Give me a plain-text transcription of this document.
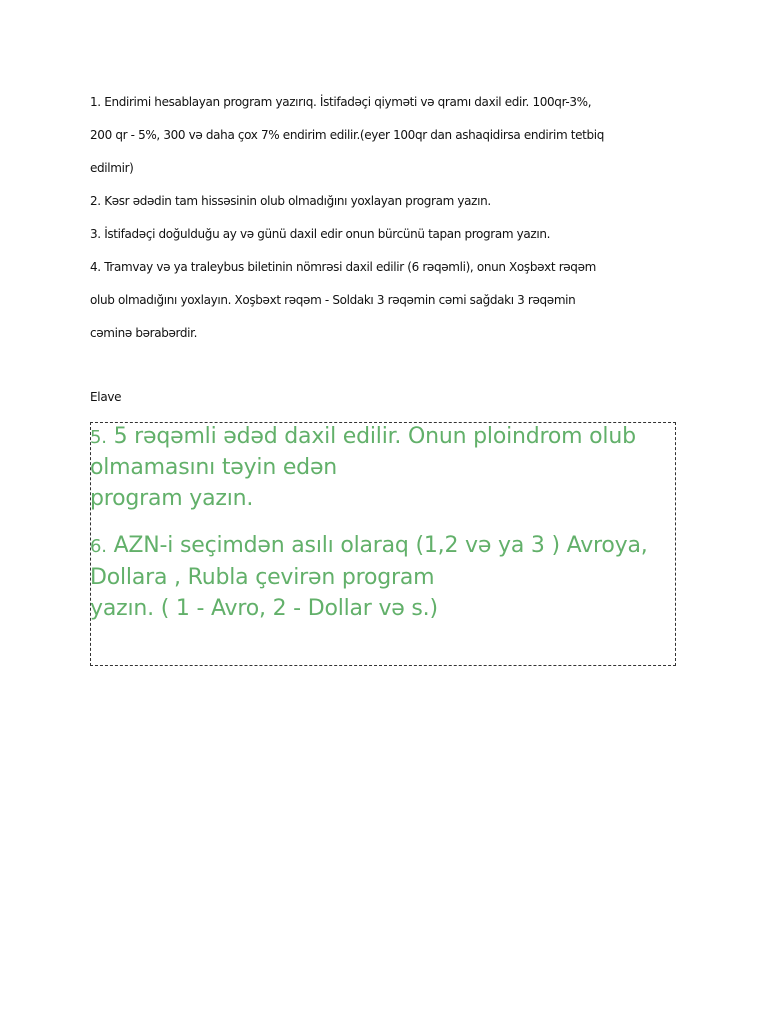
1. Endirimi hesablayan program yazırıq. İstifadəçi qiyməti və qramı daxil edir. 100qr-3%,
200 qr - 5%, 300 və daha çox 7% endirim edilir.(eyer 100qr dan ashaqidirsa endirim tetbiq
edilmir)
2. Kəsr ədədin tam hissəsinin olub olmadığını yoxlayan program yazın.
3. İstifadəçi doğulduğu ay və günü daxil edir onun bürcünü tapan program yazın.
4. Tramvay və ya traleybus biletinin nömrəsi daxil edilir (6 rəqəmli), onun Xoşbəxt rəqəm
olub olmadığını yoxlayın. Xoşbəxt rəqəm - Soldakı 3 rəqəmin cəmi sağdakı 3 rəqəmin
cəminə bərabərdir.
Elave
5. 5 rəqəmli ədəd daxil edilir. Onun ploindrom olub
olmamasını təyin edən
program yazın.
6. AZN-i seçimdən asılı olaraq (1,2 və ya 3 ) Avroya,
Dollara , Rubla çevirən program
yazın. ( 1 - Avro, 2 - Dollar və s.)
